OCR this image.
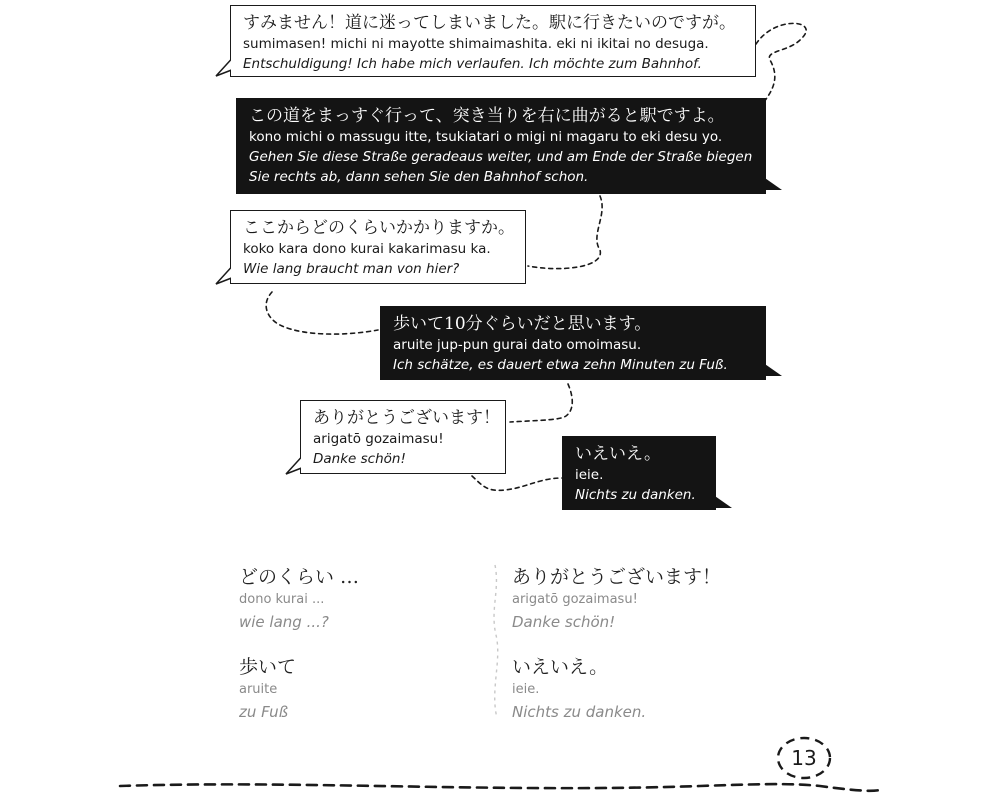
すみません！道に迷ってしまいました。駅に行きたいのですが。
sumimasen! michi ni mayotte shimaimashita. eki ni ikitai no desuga.
Entschuldigung! Ich habe mich verlaufen. Ich möchte zum Bahnhof.
この道をまっすぐ行って、突き当りを右に曲がると駅ですよ。
kono michi o massugu itte, tsukiatari o migi ni magaru to eki desu yo.
Gehen Sie diese Straße geradeaus weiter, und am Ende der Straße biegen Sie rechts ab, dann sehen Sie den Bahnhof schon.
ここからどのくらいかかりますか。
koko kara dono kurai kakarimasu ka.
Wie lang braucht man von hier?
歩いて10分ぐらいだと思います。
aruite jup-pun gurai dato omoimasu.
Ich schätze, es dauert etwa zehn Minuten zu Fuß.
ありがとうございます！
arigatō gozaimasu!
Danke schön!	いえいえ。
ieie.
Nichts zu danken.
どのくらい …
dono kurai ...
wie lang ...?
歩いて
aruite
zu Fuß
ありがとうございます！
arigatō gozaimasu!
Danke schön!
いえいえ。
ieie.
Nichts zu danken.
13
